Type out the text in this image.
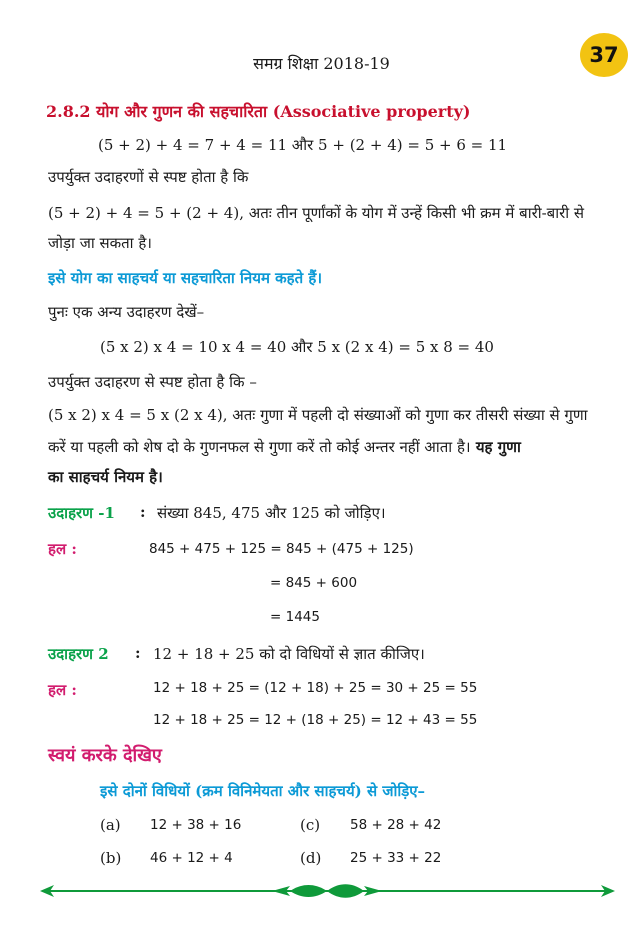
समग्र शिक्षा 2018-19	37
2.8.2 योग और गुणन की सहचारिता (Associative property)
(5 + 2) + 4 = 7 + 4 = 11 और 5 + (2 + 4) = 5 + 6 = 11
उपर्युक्त उदाहरणों से स्पष्ट होता है कि
(5 + 2) + 4 = 5 + (2 + 4), अतः तीन पूर्णांकों के योग में उन्हें किसी भी क्रम में बारी-बारी से
जोड़ा जा सकता है।
इसे योग का साहचर्य या सहचारिता नियम कहते हैं।
पुनः एक अन्य उदाहरण देखें–
(5 x 2) x 4 = 10 x 4 = 40 और 5 x (2 x 4) = 5 x 8 = 40
उपर्युक्त उदाहरण से स्पष्ट होता है कि –
(5 x 2) x 4 = 5 x (2 x 4), अतः गुणा में पहली दो संख्याओं को गुणा कर तीसरी संख्या से गुणा
करें या पहली को शेष दो के गुणनफल से गुणा करें तो कोई अन्तर नहीं आता है। यह गुणा
का साहचर्य नियम है।
उदाहरण -1 : संख्या 845, 475 और 125 को जोड़िए।
हल :	845 + 475 + 125 = 845 + (475 + 125)
= 845 + 600
= 1445
उदाहरण 2 : 12 + 18 + 25 को दो विधियों से ज्ञात कीजिए।
हल :	12 + 18 + 25 = (12 + 18) + 25 = 30 + 25 = 55
12 + 18 + 25 = 12 + (18 + 25) = 12 + 43 = 55
स्वयं करके देखिए
इसे दोनों विधियों (क्रम विनिमेयता और साहचर्य) से जोड़िए–
(a) 12 + 38 + 16	(c) 58 + 28 + 42
(b) 46 + 12 + 4	(d) 25 + 33 + 22
